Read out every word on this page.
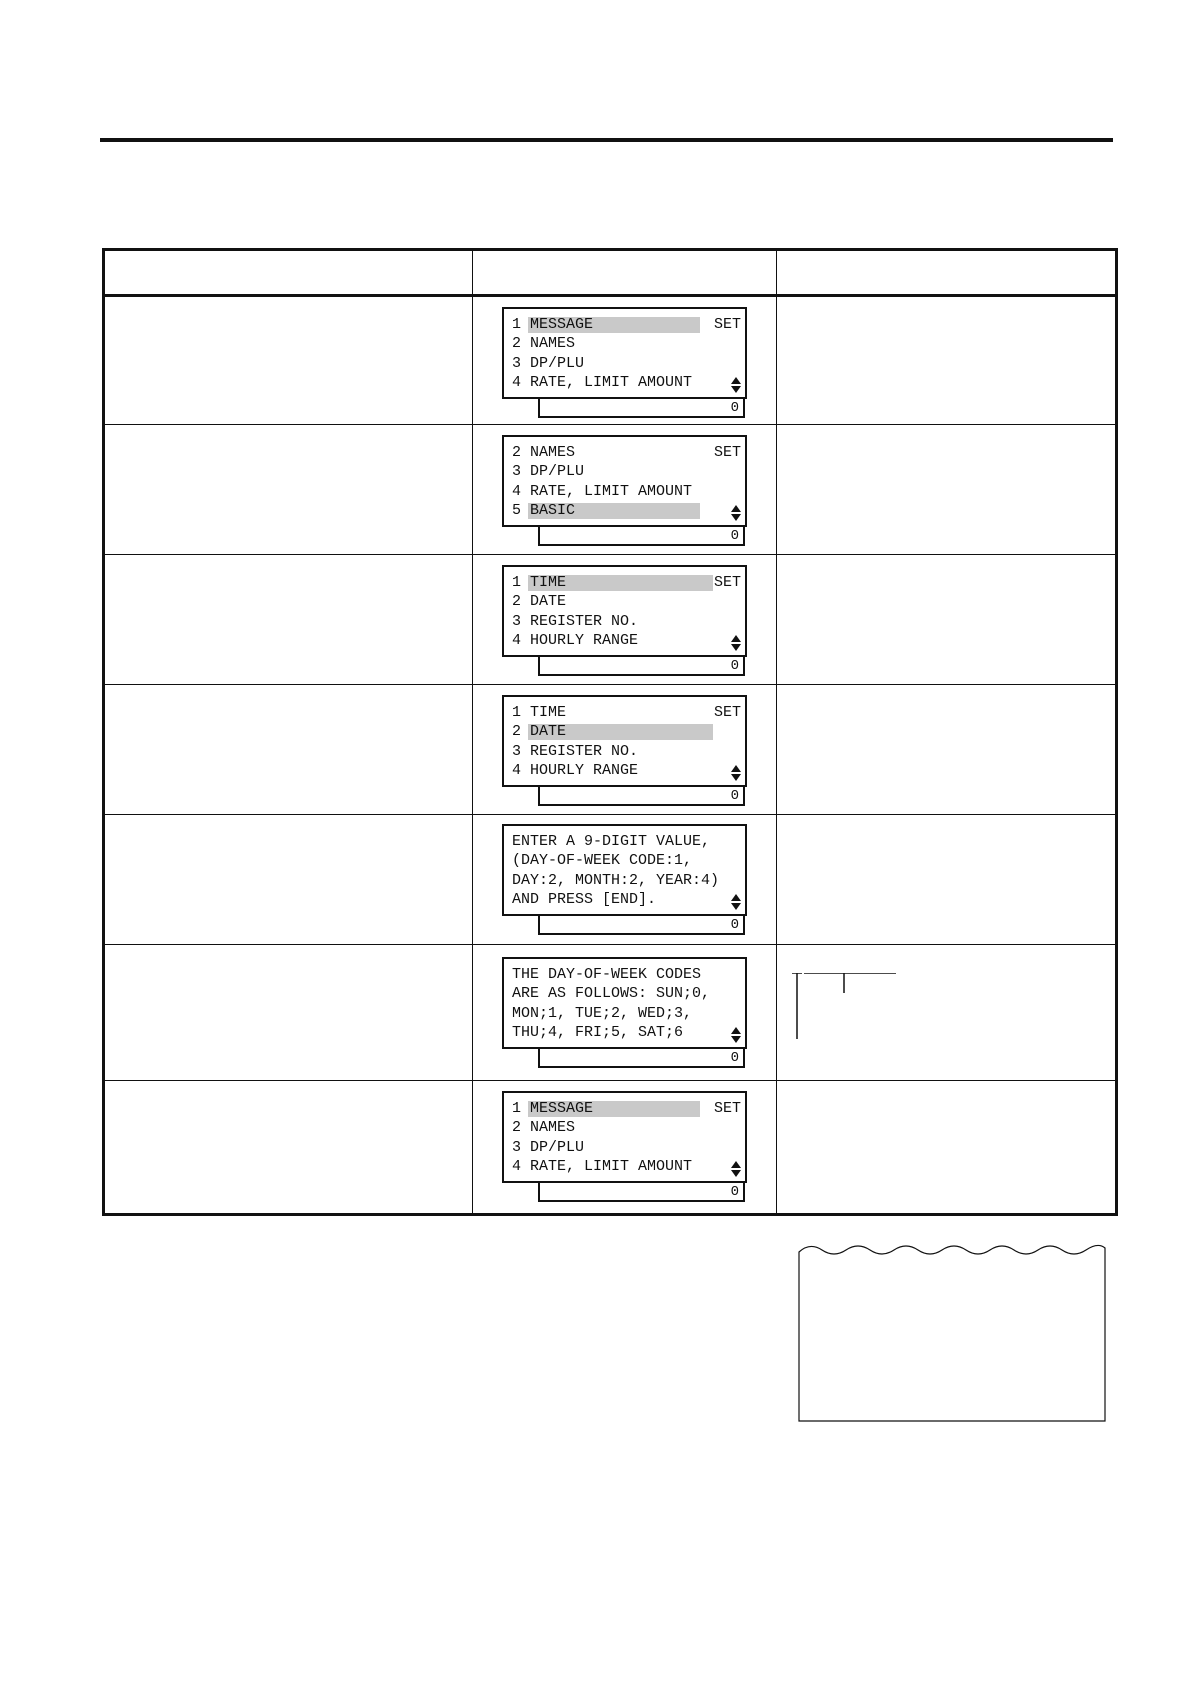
1 MESSAGE	SET
2 NAMES
3 DP/PLU
4 RATE, LIMIT AMOUNT
0
2 NAMES	SET
3 DP/PLU
4 RATE, LIMIT AMOUNT
5 BASIC
0
1 TIME	SET
2 DATE
3 REGISTER NO.
4 HOURLY RANGE
0
1 TIME	SET
2 DATE
3 REGISTER NO.
4 HOURLY RANGE
0
ENTER A 9-DIGIT VALUE,
(DAY-OF-WEEK CODE:1,
DAY:2, MONTH:2, YEAR:4)
AND PRESS [END].
0
THE DAY-OF-WEEK CODES
ARE AS FOLLOWS: SUN;0,
MON;1, TUE;2, WED;3,
THU;4, FRI;5, SAT;6
0
1 MESSAGE	SET
2 NAMES
3 DP/PLU
4 RATE, LIMIT AMOUNT
0
